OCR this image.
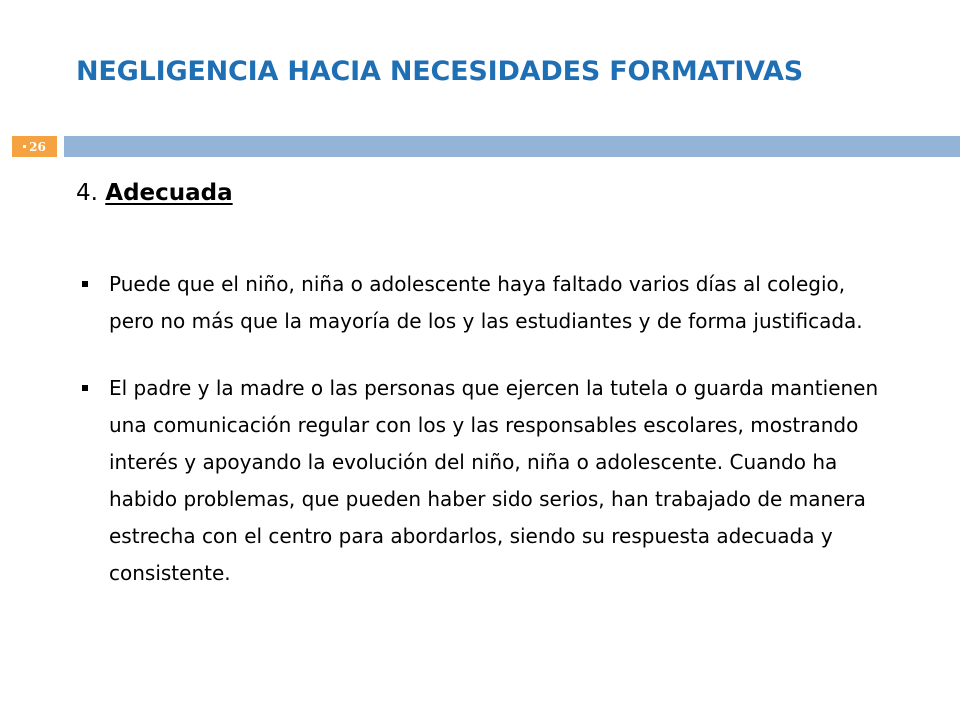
NEGLIGENCIA HACIA NECESIDADES FORMATIVAS
26
4. Adecuada
Puede que el niño, niña o adolescente haya faltado varios días al colegio, pero no más que la mayoría de los y las estudiantes y de forma justificada.
El padre y la madre o las personas que ejercen la tutela o guarda mantienen una comunicación regular con los y las responsables escolares, mostrando interés y apoyando la evolución del niño, niña o adolescente. Cuando ha habido problemas, que pueden haber sido serios, han trabajado de manera estrecha con el centro para abordarlos, siendo su respuesta adecuada y consistente.
